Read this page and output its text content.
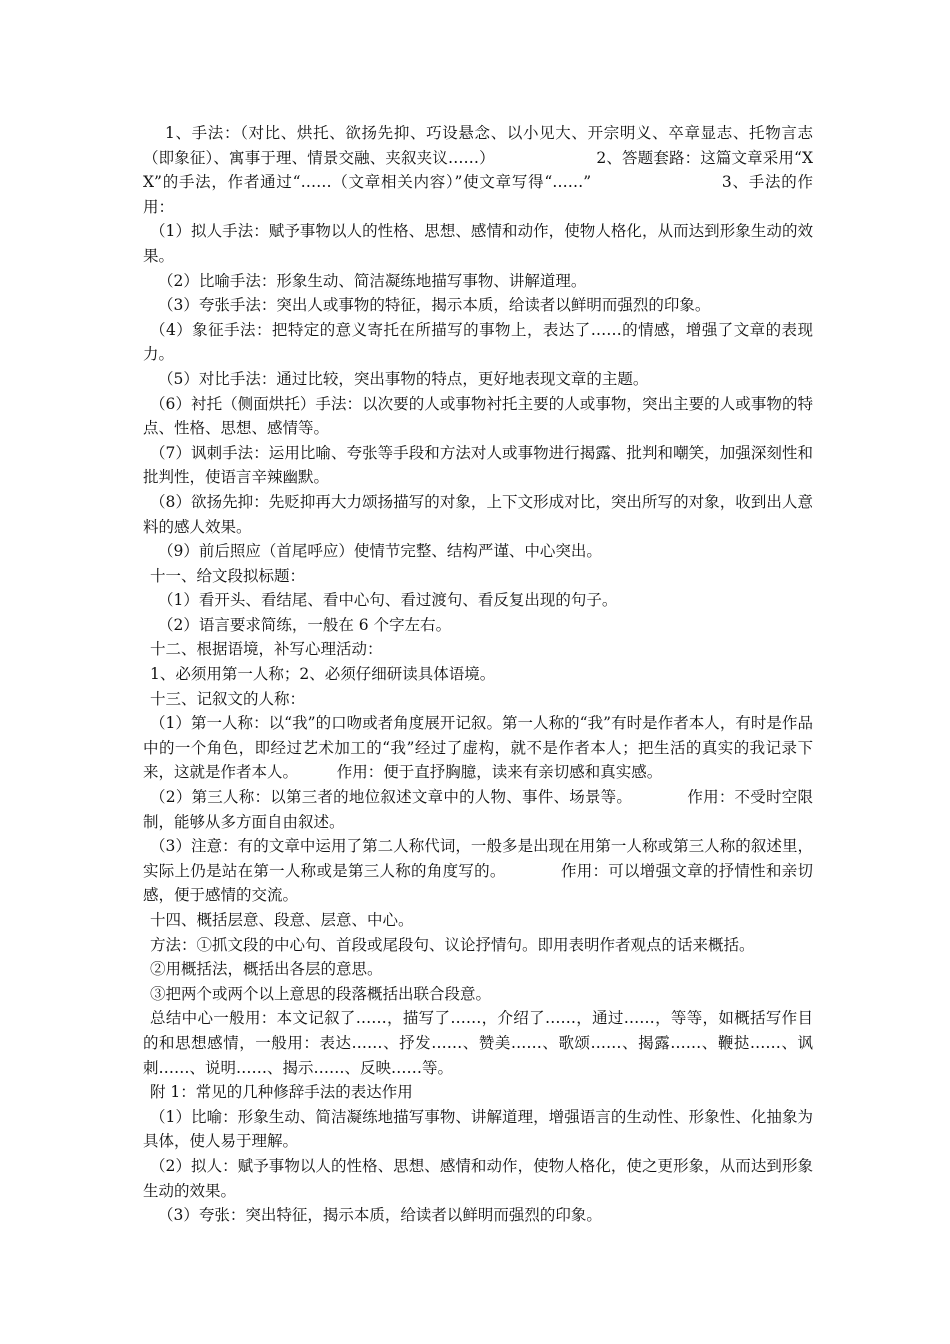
1、手法：（对比、烘托、欲扬先抑、巧设悬念、以小见大、开宗明义、卒章显志、托物言志（即象征）、寓事于理、情景交融、夹叙夹议……）　　　　　　　2、答题套路：这篇文章采用“XX”的手法，作者通过“……（文章相关内容）”使文章写得“……”　　　　　　　　3、手法的作用：

（1）拟人手法：赋予事物以人的性格、思想、感情和动作，使物人格化，从而达到形象生动的效果。

（2）比喻手法：形象生动、简洁凝练地描写事物、讲解道理。

（3）夸张手法：突出人或事物的特征，揭示本质，给读者以鲜明而强烈的印象。

（4）象征手法：把特定的意义寄托在所描写的事物上，表达了……的情感，增强了文章的表现力。

（5）对比手法：通过比较，突出事物的特点，更好地表现文章的主题。

（6）衬托（侧面烘托）手法：以次要的人或事物衬托主要的人或事物，突出主要的人或事物的特点、性格、思想、感情等。

（7）讽刺手法：运用比喻、夸张等手段和方法对人或事物进行揭露、批判和嘲笑，加强深刻性和批判性，使语言辛辣幽默。

（8）欲扬先抑：先贬抑再大力颂扬描写的对象，上下文形成对比，突出所写的对象，收到出人意料的感人效果。

（9）前后照应（首尾呼应）使情节完整、结构严谨、中心突出。

十一、给文段拟标题：

（1）看开头、看结尾、看中心句、看过渡句、看反复出现的句子。

（2）语言要求简练，一般在 6 个字左右。

十二、根据语境，补写心理活动：

1、必须用第一人称；2、必须仔细研读具体语境。

十三、记叙文的人称：

（1）第一人称：以“我”的口吻或者角度展开记叙。第一人称的“我”有时是作者本人，有时是作品中的一个角色，即经过艺术加工的“我”经过了虚构，就不是作者本人；把生活的真实的我记录下来，这就是作者本人。　　　作用：便于直抒胸臆，读来有亲切感和真实感。

（2）第三人称：以第三者的地位叙述文章中的人物、事件、场景等。　　　　作用：不受时空限制，能够从多方面自由叙述。

（3）注意：有的文章中运用了第二人称代词，一般多是出现在用第一人称或第三人称的叙述里，实际上仍是站在第一人称或是第三人称的角度写的。　　　　作用：可以增强文章的抒情性和亲切感，便于感情的交流。

十四、概括层意、段意、层意、中心。

方法：①抓文段的中心句、首段或尾段句、议论抒情句。即用表明作者观点的话来概括。

②用概括法，概括出各层的意思。

③把两个或两个以上意思的段落概括出联合段意。

总结中心一般用：本文记叙了……，描写了……，介绍了……，通过……，等等，如概括写作目的和思想感情，一般用：表达……、抒发……、赞美……、歌颂……、揭露……、鞭挞……、讽刺……、说明……、揭示……、反映……等。

附 1：常见的几种修辞手法的表达作用

（1）比喻：形象生动、简洁凝练地描写事物、讲解道理，增强语言的生动性、形象性、化抽象为具体，使人易于理解。

（2）拟人：赋予事物以人的性格、思想、感情和动作，使物人格化，使之更形象，从而达到形象生动的效果。

（3）夸张：突出特征，揭示本质，给读者以鲜明而强烈的印象。
